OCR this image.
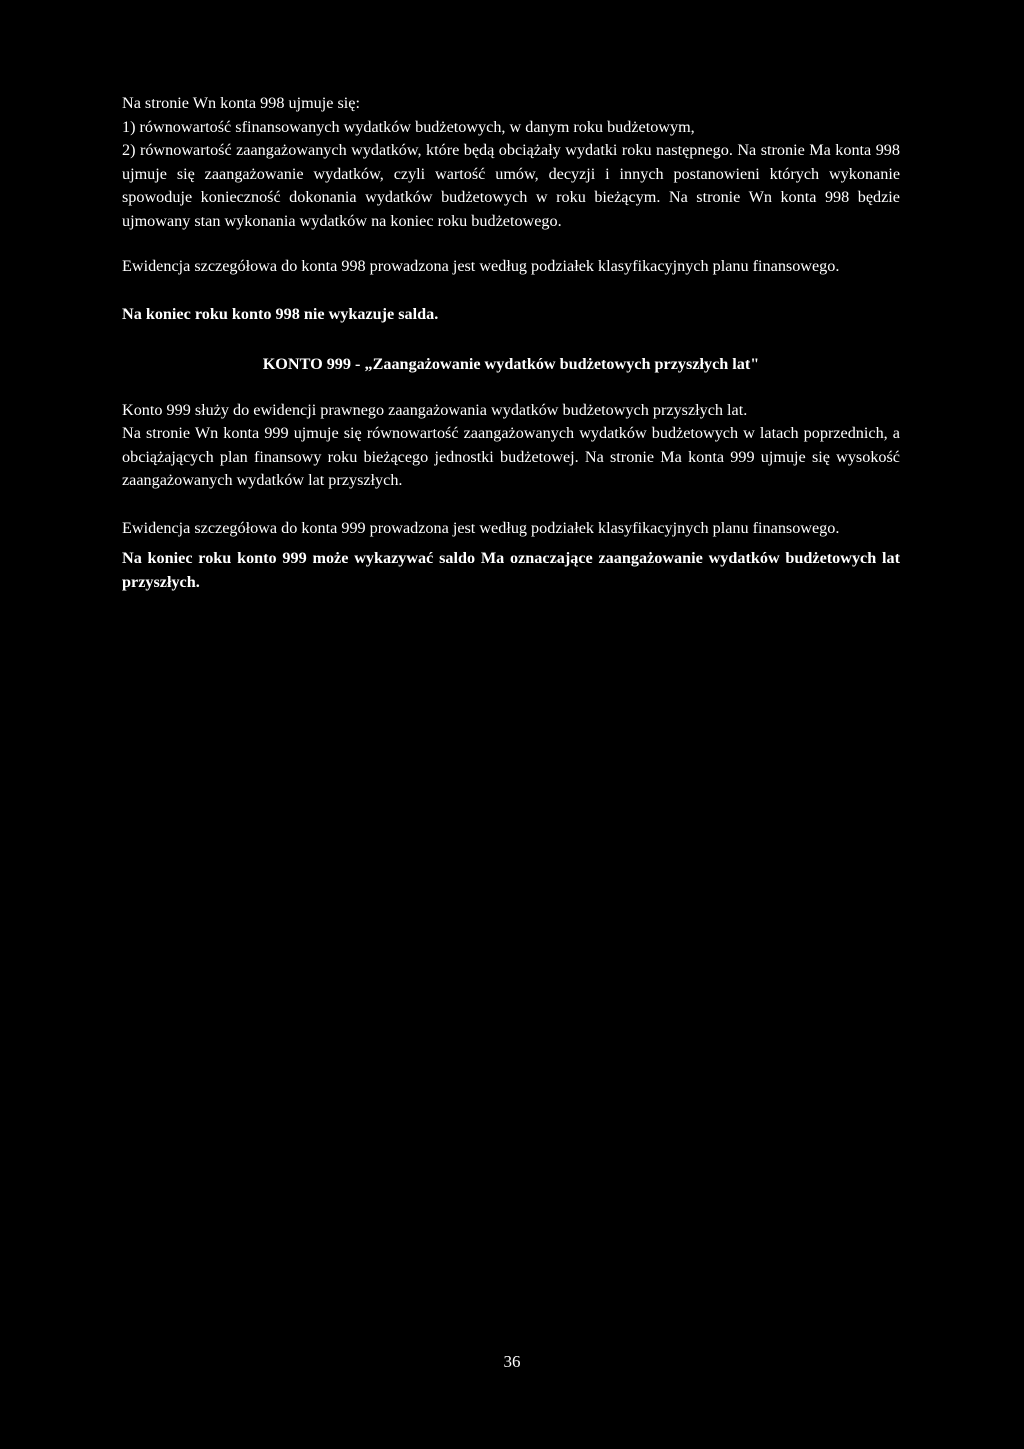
Na stronie Wn konta 998 ujmuje się:
1) równowartość sfinansowanych wydatków budżetowych, w danym roku budżetowym,
2) równowartość zaangażowanych wydatków, które będą obciążały wydatki roku następnego. Na stronie Ma konta 998 ujmuje się zaangażowanie wydatków, czyli wartość umów, decyzji i innych postanowieni których wykonanie spowoduje konieczność dokonania wydatków budżetowych w roku bieżącym. Na stronie Wn konta 998 będzie ujmowany stan wykonania wydatków na koniec roku budżetowego.

Ewidencja szczegółowa do konta 998 prowadzona jest według podziałek klasyfikacyjnych planu finansowego.

Na koniec roku konto 998 nie wykazuje salda.

KONTO 999 - „Zaangażowanie wydatków budżetowych przyszłych lat"
Konto 999 służy do ewidencji prawnego zaangażowania wydatków budżetowych przyszłych lat.
Na stronie Wn konta 999 ujmuje się równowartość zaangażowanych wydatków budżetowych w latach poprzednich, a obciążających plan finansowy roku bieżącego jednostki budżetowej. Na stronie Ma konta 999 ujmuje się wysokość zaangażowanych wydatków lat przyszłych.

Ewidencja szczegółowa do konta 999 prowadzona jest według podziałek klasyfikacyjnych planu finansowego.

Na koniec roku konto 999 może wykazywać saldo Ma oznaczające zaangażowanie wydatków budżetowych lat przyszłych.

36
